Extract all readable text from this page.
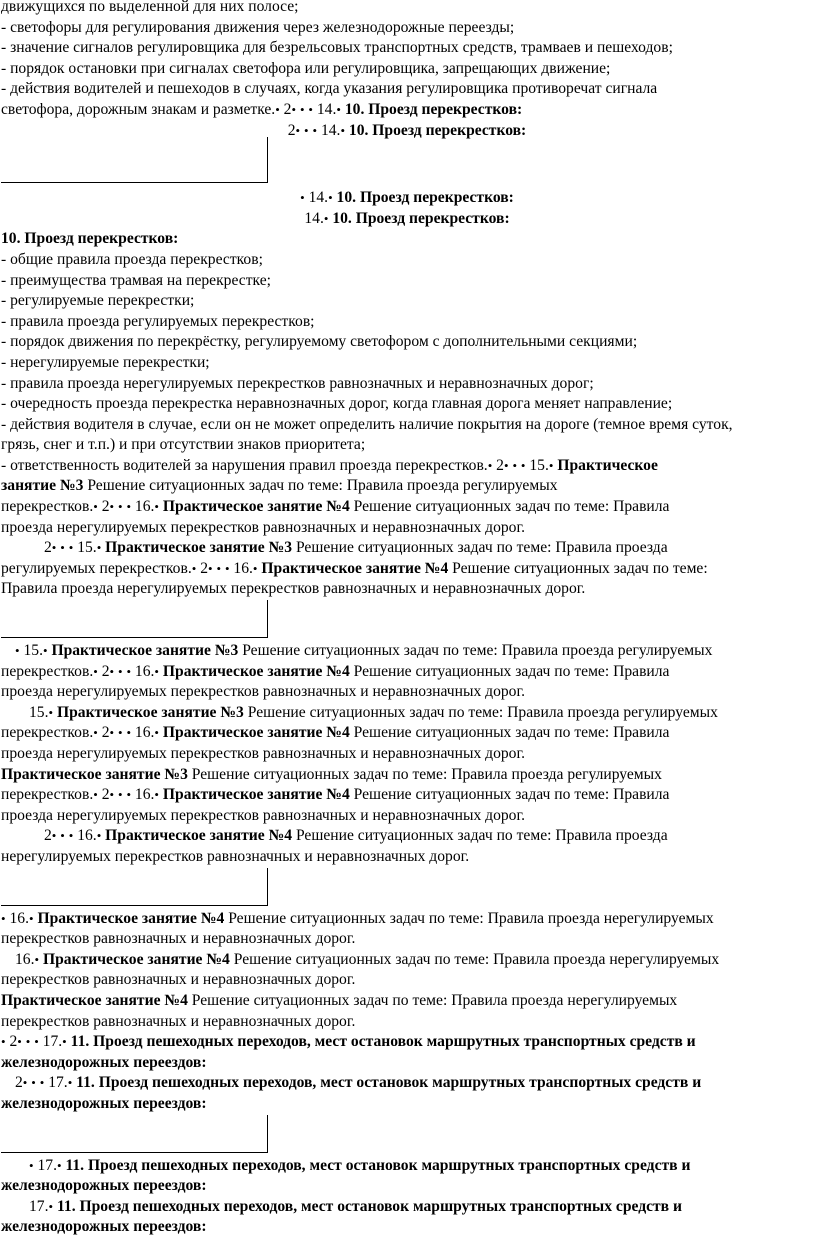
движущихся по выделенной для них полосе;
- светофоры для регулирования движения через железнодорожные переезды;
- значение сигналов регулировщика для безрельсовых транспортных средств, трамваев и пешеходов;
- порядок остановки при сигналах светофора или регулировщика, запрещающих движение;
- действия водителей и пешеходов в случаях, когда указания регулировщика противоречат сигнала
светофора, дорожным знакам и разметке.• 2• • • 14.• 10. Проезд перекрестков:
2• • • 14.• 10. Проезд перекрестков:
• 14.• 10. Проезд перекрестков:
14.• 10. Проезд перекрестков:
10. Проезд перекрестков:
- общие правила проезда перекрестков;
- преимущества трамвая на перекрестке;
- регулируемые перекрестки;
- правила проезда регулируемых перекрестков;
- порядок движения по перекрёстку, регулируемому светофором с дополнительными секциями;
- нерегулируемые перекрестки;
- правила проезда нерегулируемых перекрестков равнозначных и неравнозначных дорог;
- очередность проезда перекрестка неравнозначных дорог, когда главная дорога меняет направление;
- действия водителя в случае, если он не может определить наличие покрытия на дороге (темное время суток,
грязь, снег и т.п.) и при отсутствии знаков приоритета;
- ответственность водителей за нарушения правил проезда перекрестков.• 2• • • 15.• Практическое
занятие №3 Решение ситуационных задач по теме: Правила проезда регулируемых
перекрестков.• 2• • • 16.• Практическое занятие №4 Решение ситуационных задач по теме: Правила
проезда нерегулируемых перекрестков равнозначных и неравнозначных дорог.
2• • • 15.• Практическое занятие №3 Решение ситуационных задач по теме: Правила проезда
регулируемых перекрестков.• 2• • • 16.• Практическое занятие №4 Решение ситуационных задач по теме:
Правила проезда нерегулируемых перекрестков равнозначных и неравнозначных дорог.
• 15.• Практическое занятие №3 Решение ситуационных задач по теме: Правила проезда регулируемых
перекрестков.• 2• • • 16.• Практическое занятие №4 Решение ситуационных задач по теме: Правила
проезда нерегулируемых перекрестков равнозначных и неравнозначных дорог.
15.• Практическое занятие №3 Решение ситуационных задач по теме: Правила проезда регулируемых
перекрестков.• 2• • • 16.• Практическое занятие №4 Решение ситуационных задач по теме: Правила
проезда нерегулируемых перекрестков равнозначных и неравнозначных дорог.
Практическое занятие №3 Решение ситуационных задач по теме: Правила проезда регулируемых
перекрестков.• 2• • • 16.• Практическое занятие №4 Решение ситуационных задач по теме: Правила
проезда нерегулируемых перекрестков равнозначных и неравнозначных дорог.
2• • • 16.• Практическое занятие №4 Решение ситуационных задач по теме: Правила проезда
нерегулируемых перекрестков равнозначных и неравнозначных дорог.
• 16.• Практическое занятие №4 Решение ситуационных задач по теме: Правила проезда нерегулируемых
перекрестков равнозначных и неравнозначных дорог.
16.• Практическое занятие №4 Решение ситуационных задач по теме: Правила проезда нерегулируемых
перекрестков равнозначных и неравнозначных дорог.
Практическое занятие №4 Решение ситуационных задач по теме: Правила проезда нерегулируемых
перекрестков равнозначных и неравнозначных дорог.
• 2• • • 17.• 11. Проезд пешеходных переходов, мест остановок маршрутных транспортных средств и
железнодорожных переездов:
2• • • 17.• 11. Проезд пешеходных переходов, мест остановок маршрутных транспортных средств и
железнодорожных переездов:
• 17.• 11. Проезд пешеходных переходов, мест остановок маршрутных транспортных средств и
железнодорожных переездов:
17.• 11. Проезд пешеходных переходов, мест остановок маршрутных транспортных средств и
железнодорожных переездов:
